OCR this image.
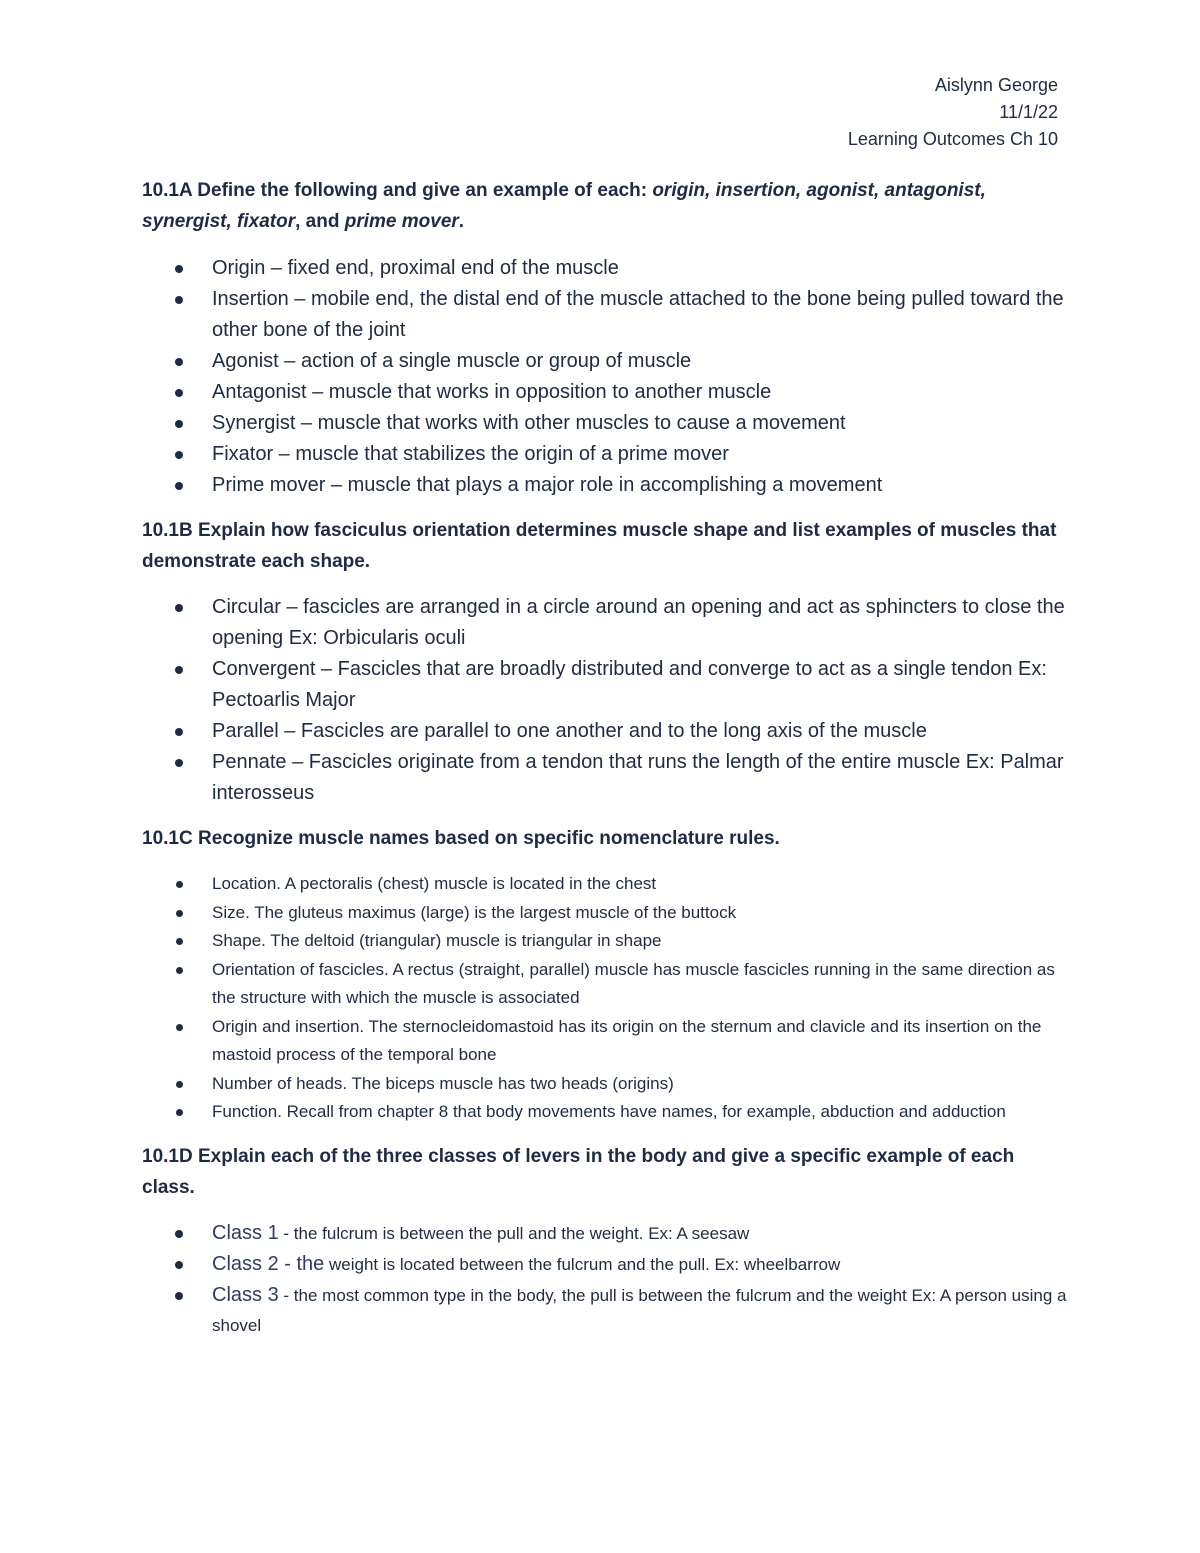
Aislynn George
11/1/22
Learning Outcomes Ch 10
10.1A Define the following and give an example of each: origin, insertion, agonist, antagonist, synergist, fixator, and prime mover.
Origin – fixed end, proximal end of the muscle
Insertion – mobile end, the distal end of the muscle attached to the bone being pulled toward the other bone of the joint
Agonist – action of a single muscle or group of muscle
Antagonist – muscle that works in opposition to another muscle
Synergist – muscle that works with other muscles to cause a movement
Fixator – muscle that stabilizes the origin of a prime mover
Prime mover – muscle that plays a major role in accomplishing a movement
10.1B Explain how fasciculus orientation determines muscle shape and list examples of muscles that demonstrate each shape.
Circular – fascicles are arranged in a circle around an opening and act as sphincters to close the opening Ex: Orbicularis oculi
Convergent – Fascicles that are broadly distributed and converge to act as a single tendon Ex: Pectoarlis Major
Parallel – Fascicles are parallel to one another and to the long axis of the muscle
Pennate – Fascicles originate from a tendon that runs the length of the entire muscle Ex: Palmar interosseus
10.1C Recognize muscle names based on specific nomenclature rules.
Location. A pectoralis (chest) muscle is located in the chest
Size. The gluteus maximus (large) is the largest muscle of the buttock
Shape. The deltoid (triangular) muscle is triangular in shape
Orientation of fascicles. A rectus (straight, parallel) muscle has muscle fascicles running in the same direction as the structure with which the muscle is associated
Origin and insertion. The sternocleidomastoid has its origin on the sternum and clavicle and its insertion on the mastoid process of the temporal bone
Number of heads. The biceps muscle has two heads (origins)
Function. Recall from chapter 8 that body movements have names, for example, abduction and adduction
10.1D Explain each of the three classes of levers in the body and give a specific example of each class.
Class 1 - the fulcrum is between the pull and the weight. Ex: A seesaw
Class 2 - the weight is located between the fulcrum and the pull. Ex: wheelbarrow
Class 3 - the most common type in the body, the pull is between the fulcrum and the weight Ex: A person using a shovel
